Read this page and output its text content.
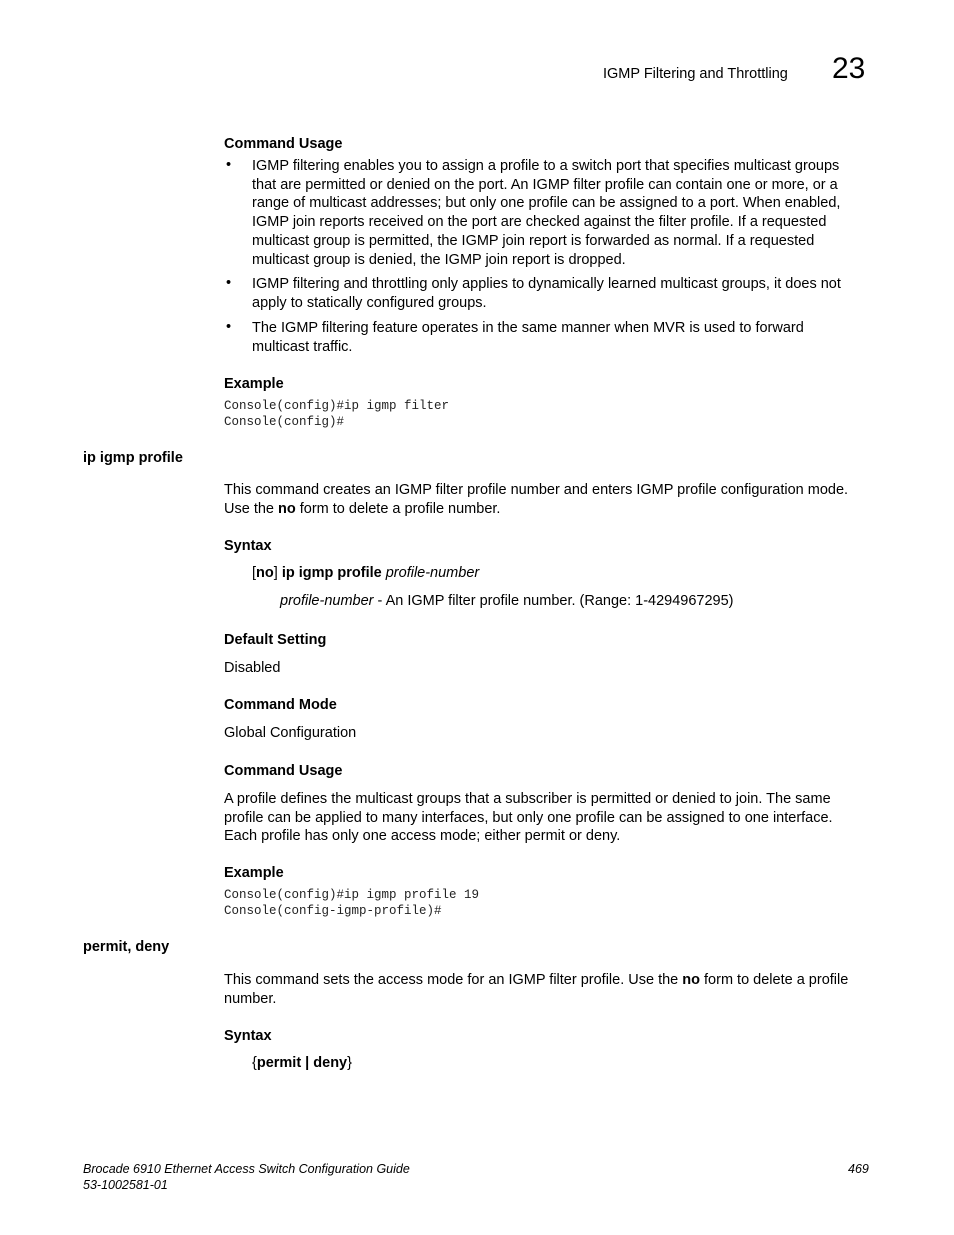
IGMP Filtering and Throttling 23
Command Usage
• IGMP filtering enables you to assign a profile to a switch port that specifies multicast groups that are permitted or denied on the port. An IGMP filter profile can contain one or more, or a range of multicast addresses; but only one profile can be assigned to a port. When enabled, IGMP join reports received on the port are checked against the filter profile. If a requested multicast group is permitted, the IGMP join report is forwarded as normal. If a requested multicast group is denied, the IGMP join report is dropped.
• IGMP filtering and throttling only applies to dynamically learned multicast groups, it does not apply to statically configured groups.
• The IGMP filtering feature operates in the same manner when MVR is used to forward multicast traffic.
Example
Console(config)#ip igmp filter
Console(config)#
ip igmp profile
This command creates an IGMP filter profile number and enters IGMP profile configuration mode. Use the no form to delete a profile number.
Syntax
[no] ip igmp profile profile-number
profile-number - An IGMP filter profile number. (Range: 1-4294967295)
Default Setting
Disabled
Command Mode
Global Configuration
Command Usage
A profile defines the multicast groups that a subscriber is permitted or denied to join. The same profile can be applied to many interfaces, but only one profile can be assigned to one interface. Each profile has only one access mode; either permit or deny.
Example
Console(config)#ip igmp profile 19
Console(config-igmp-profile)#
permit, deny
This command sets the access mode for an IGMP filter profile. Use the no form to delete a profile number.
Syntax
{permit | deny}
Brocade 6910 Ethernet Access Switch Configuration Guide
53-1002581-01
469
